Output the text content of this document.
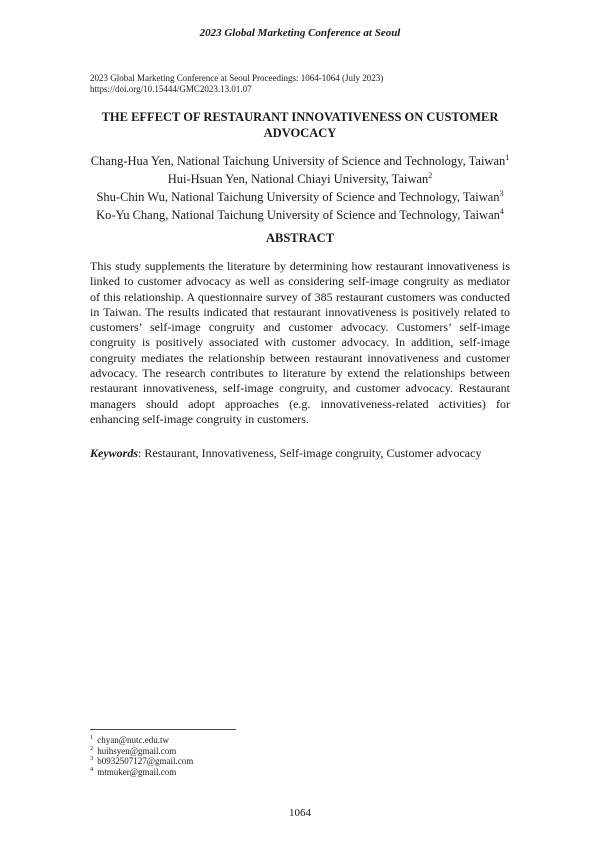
2023 Global Marketing Conference at Seoul
2023 Global Marketing Conference at Seoul Proceedings: 1064-1064 (July 2023)
https://doi.org/10.15444/GMC2023.13.01.07
THE EFFECT OF RESTAURANT INNOVATIVENESS ON CUSTOMER ADVOCACY
Chang-Hua Yen, National Taichung University of Science and Technology, Taiwan$^1$
Hui-Hsuan Yen, National Chiayi University, Taiwan$^2$
Shu-Chin Wu, National Taichung University of Science and Technology, Taiwan$^3$
Ko-Yu Chang, National Taichung University of Science and Technology, Taiwan$^4$
ABSTRACT
This study supplements the literature by determining how restaurant innovativeness is linked to customer advocacy as well as considering self-image congruity as mediator of this relationship. A questionnaire survey of 385 restaurant customers was conducted in Taiwan. The results indicated that restaurant innovativeness is positively related to customers’ self-image congruity and customer advocacy. Customers’ self-image congruity is positively associated with customer advocacy. In addition, self-image congruity mediates the relationship between restaurant innovativeness and customer advocacy. The research contributes to literature by extend the relationships between restaurant innovativeness, self-image congruity, and customer advocacy. Restaurant managers should adopt approaches (e.g. innovativeness-related activities) for enhancing self-image congruity in customers.
Keywords: Restaurant, Innovativeness, Self-image congruity, Customer advocacy
$^1$ chyan@nutc.edu.tw
$^2$ huihsyen@gmail.com
$^3$ b0932507127@gmail.com
$^4$ mtmuker@gmail.com
1064
